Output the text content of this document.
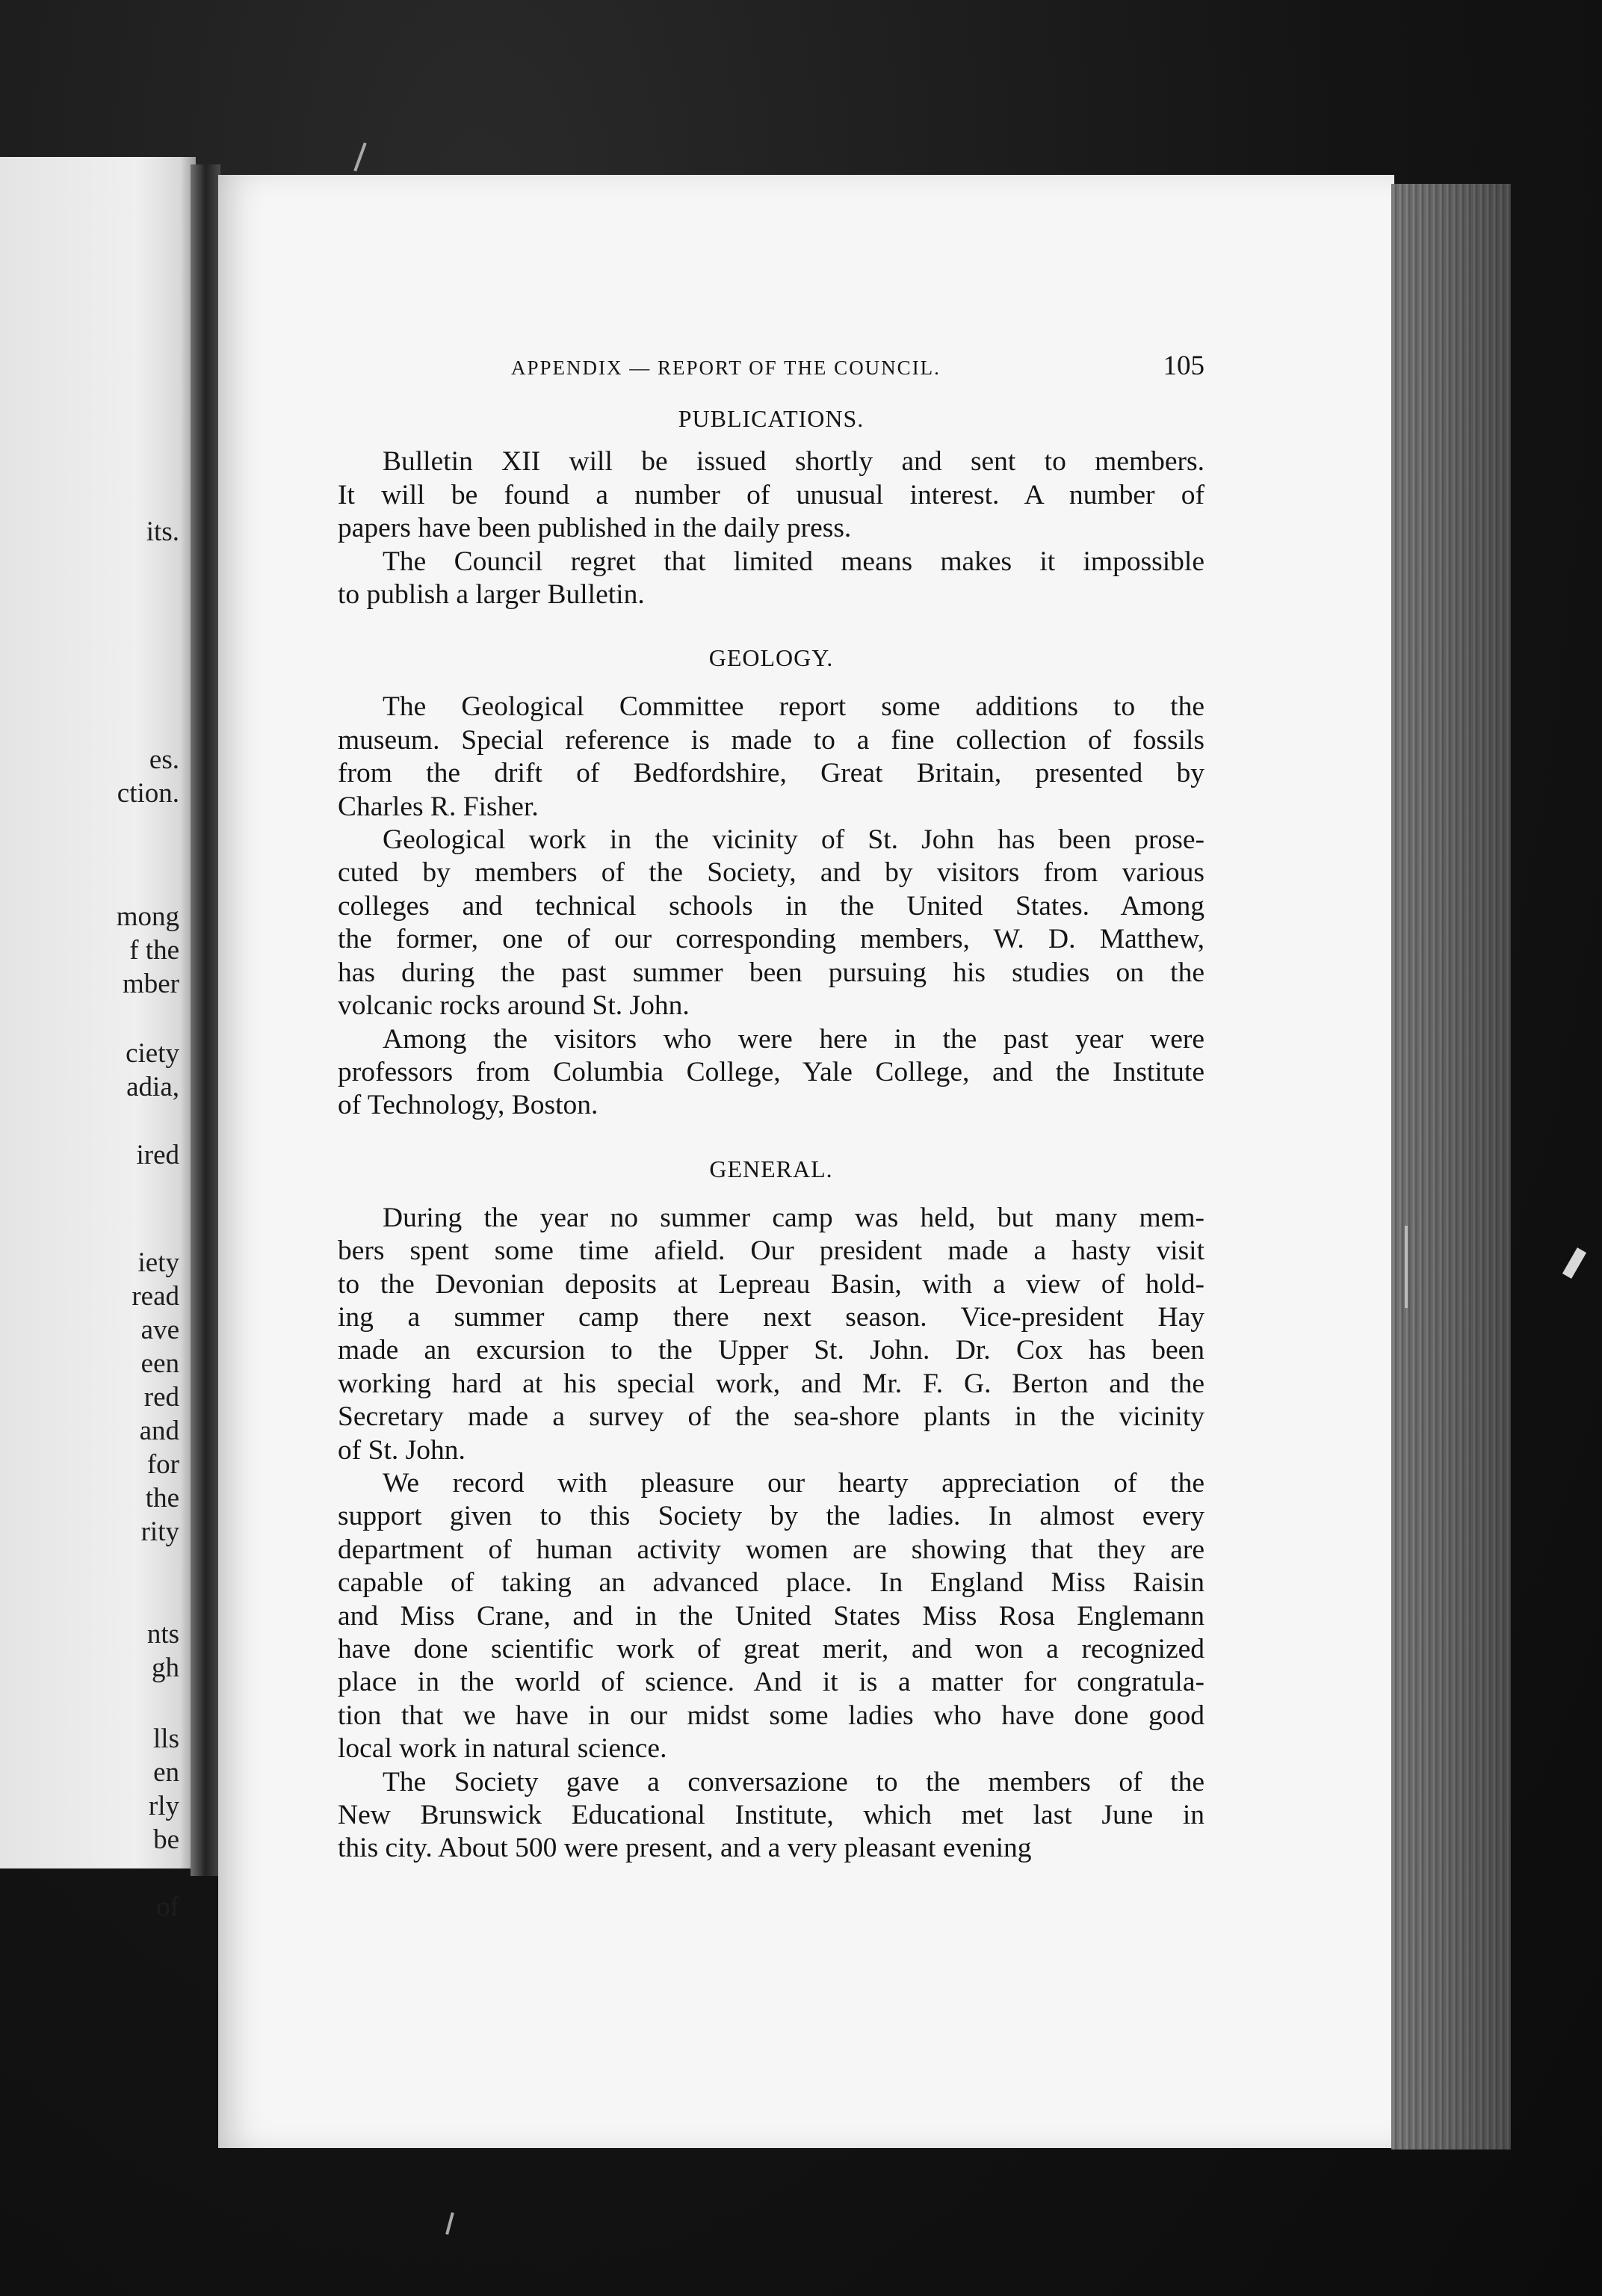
its.
es.
ction.
mong
f the
mber
ciety
adia,
ired
iety
read
ave
een
red
and
for
the
rity
nts
gh
lls
en
rly
be
of
APPENDIX — REPORT OF THE COUNCIL.	105
PUBLICATIONS.
Bulletin XII will be issued shortly and sent to members.
It will be found a number of unusual interest. A number of
papers have been published in the daily press.
The Council regret that limited means makes it impossible
to publish a larger Bulletin.
GEOLOGY.
The Geological Committee report some additions to the
museum. Special reference is made to a fine collection of fossils
from the drift of Bedfordshire, Great Britain, presented by
Charles R. Fisher.
Geological work in the vicinity of St. John has been prose-
cuted by members of the Society, and by visitors from various
colleges and technical schools in the United States. Among
the former, one of our corresponding members, W. D. Matthew,
has during the past summer been pursuing his studies on the
volcanic rocks around St. John.
Among the visitors who were here in the past year were
professors from Columbia College, Yale College, and the Institute
of Technology, Boston.
GENERAL.
During the year no summer camp was held, but many mem-
bers spent some time afield. Our president made a hasty visit
to the Devonian deposits at Lepreau Basin, with a view of hold-
ing a summer camp there next season. Vice-president Hay
made an excursion to the Upper St. John. Dr. Cox has been
working hard at his special work, and Mr. F. G. Berton and the
Secretary made a survey of the sea-shore plants in the vicinity
of St. John.
We record with pleasure our hearty appreciation of the
support given to this Society by the ladies. In almost every
department of human activity women are showing that they are
capable of taking an advanced place. In England Miss Raisin
and Miss Crane, and in the United States Miss Rosa Englemann
have done scientific work of great merit, and won a recognized
place in the world of science. And it is a matter for congratula-
tion that we have in our midst some ladies who have done good
local work in natural science.
The Society gave a conversazione to the members of the
New Brunswick Educational Institute, which met last June in
this city. About 500 were present, and a very pleasant evening
